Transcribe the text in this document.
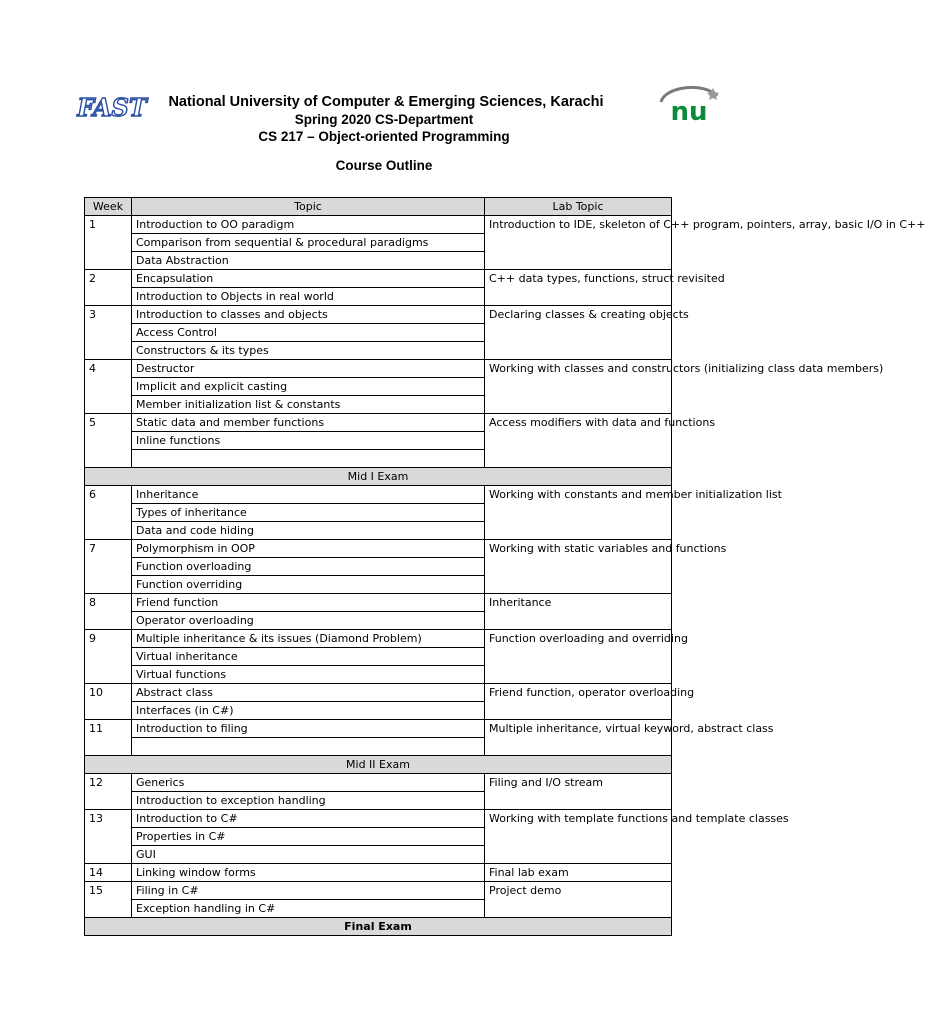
FAST	nu
National University of Computer & Emerging Sciences, Karachi
Spring 2020 CS-Department
CS 217 – Object-oriented Programming
Course Outline
Week	Topic	Lab Topic
1	Introduction to OO paradigm	Introduction to IDE, skeleton of C++ program, pointers, array, basic I/O in C++
	Comparison from sequential & procedural paradigms	
	Data Abstraction	
2	Encapsulation	C++ data types, functions, struct revisited
	Introduction to Objects in real world	
3	Introduction to classes and objects	Declaring classes & creating objects
	Access Control	
	Constructors & its types	
4	Destructor	Working with classes and constructors (initializing class data members)
	Implicit and explicit casting	
	Member initialization list & constants	
5	Static data and member functions	Access modifiers with data and functions
	Inline functions	

Mid I Exam		
6	Inheritance	Working with constants and member initialization list
	Types of inheritance	
	Data and code hiding	
7	Polymorphism in OOP	Working with static variables and functions
	Function overloading	
	Function overriding	
8	Friend function	Inheritance
	Operator overloading	
9	Multiple inheritance & its issues (Diamond Problem)	Function overloading and overriding
	Virtual inheritance	
	Virtual functions	
10	Abstract class	Friend function, operator overloading
	Interfaces (in C#)	
11	Introduction to filing	Multiple inheritance, virtual keyword, abstract class

Mid II Exam		
12	Generics	Filing and I/O stream
	Introduction to exception handling	
13	Introduction to C#	Working with template functions and template classes
	Properties in C#	
	GUI	
14	Linking window forms	Final lab exam
15	Filing in C#	Project demo
	Exception handling in C#	
Final Exam		
